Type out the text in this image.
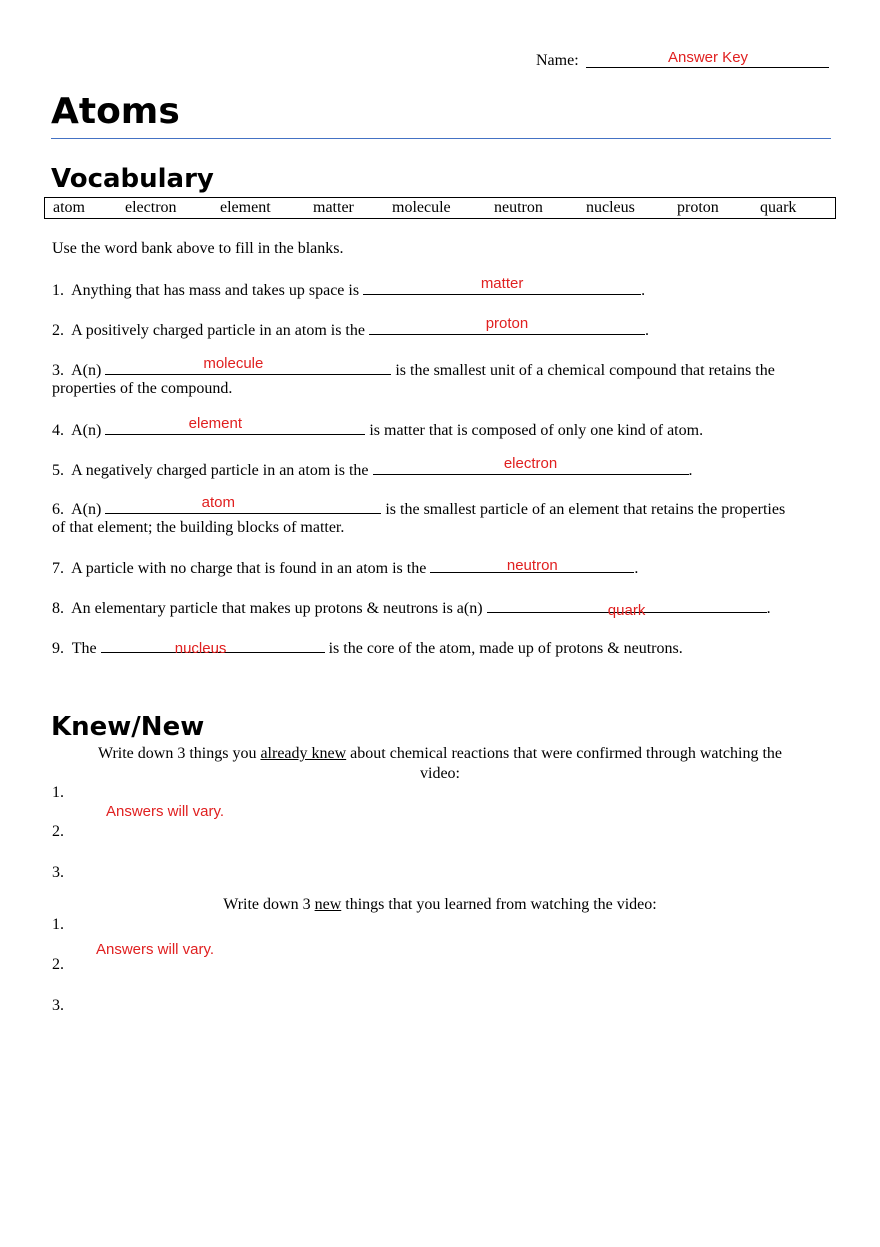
Name:	Answer Key
Atoms
Vocabulary
atom	electron	element	matter molecule	neutron	nucleus	proton	quark
Use the word bank above to fill in the blanks.
1. Anything that has mass and takes up space is	matter	.
2. A positively charged particle in an atom is the	proton	.
3. A(n)	molecule	is the smallest unit of a chemical compound that retains the
properties of the compound.
4. A(n)	element	is matter that is composed of only one kind of atom.
5. A negatively charged particle in an atom is the	electron	.
6. A(n)	atom	is the smallest particle of an element that retains the properties
of that element; the building blocks of matter.
7. A particle with no charge that is found in an atom is the	neutron	.
8. An elementary particle that makes up protons & neutrons is a(n)	quark	.
9. The	nucleus	is the core of the atom, made up of protons & neutrons.
Knew/New
Write down 3 things you already knew about chemical reactions that were confirmed through watching the
video:
1.
Answers will vary.
2.
3.
Write down 3 new things that you learned from watching the video:
1.
Answers will vary.
2.
3.
